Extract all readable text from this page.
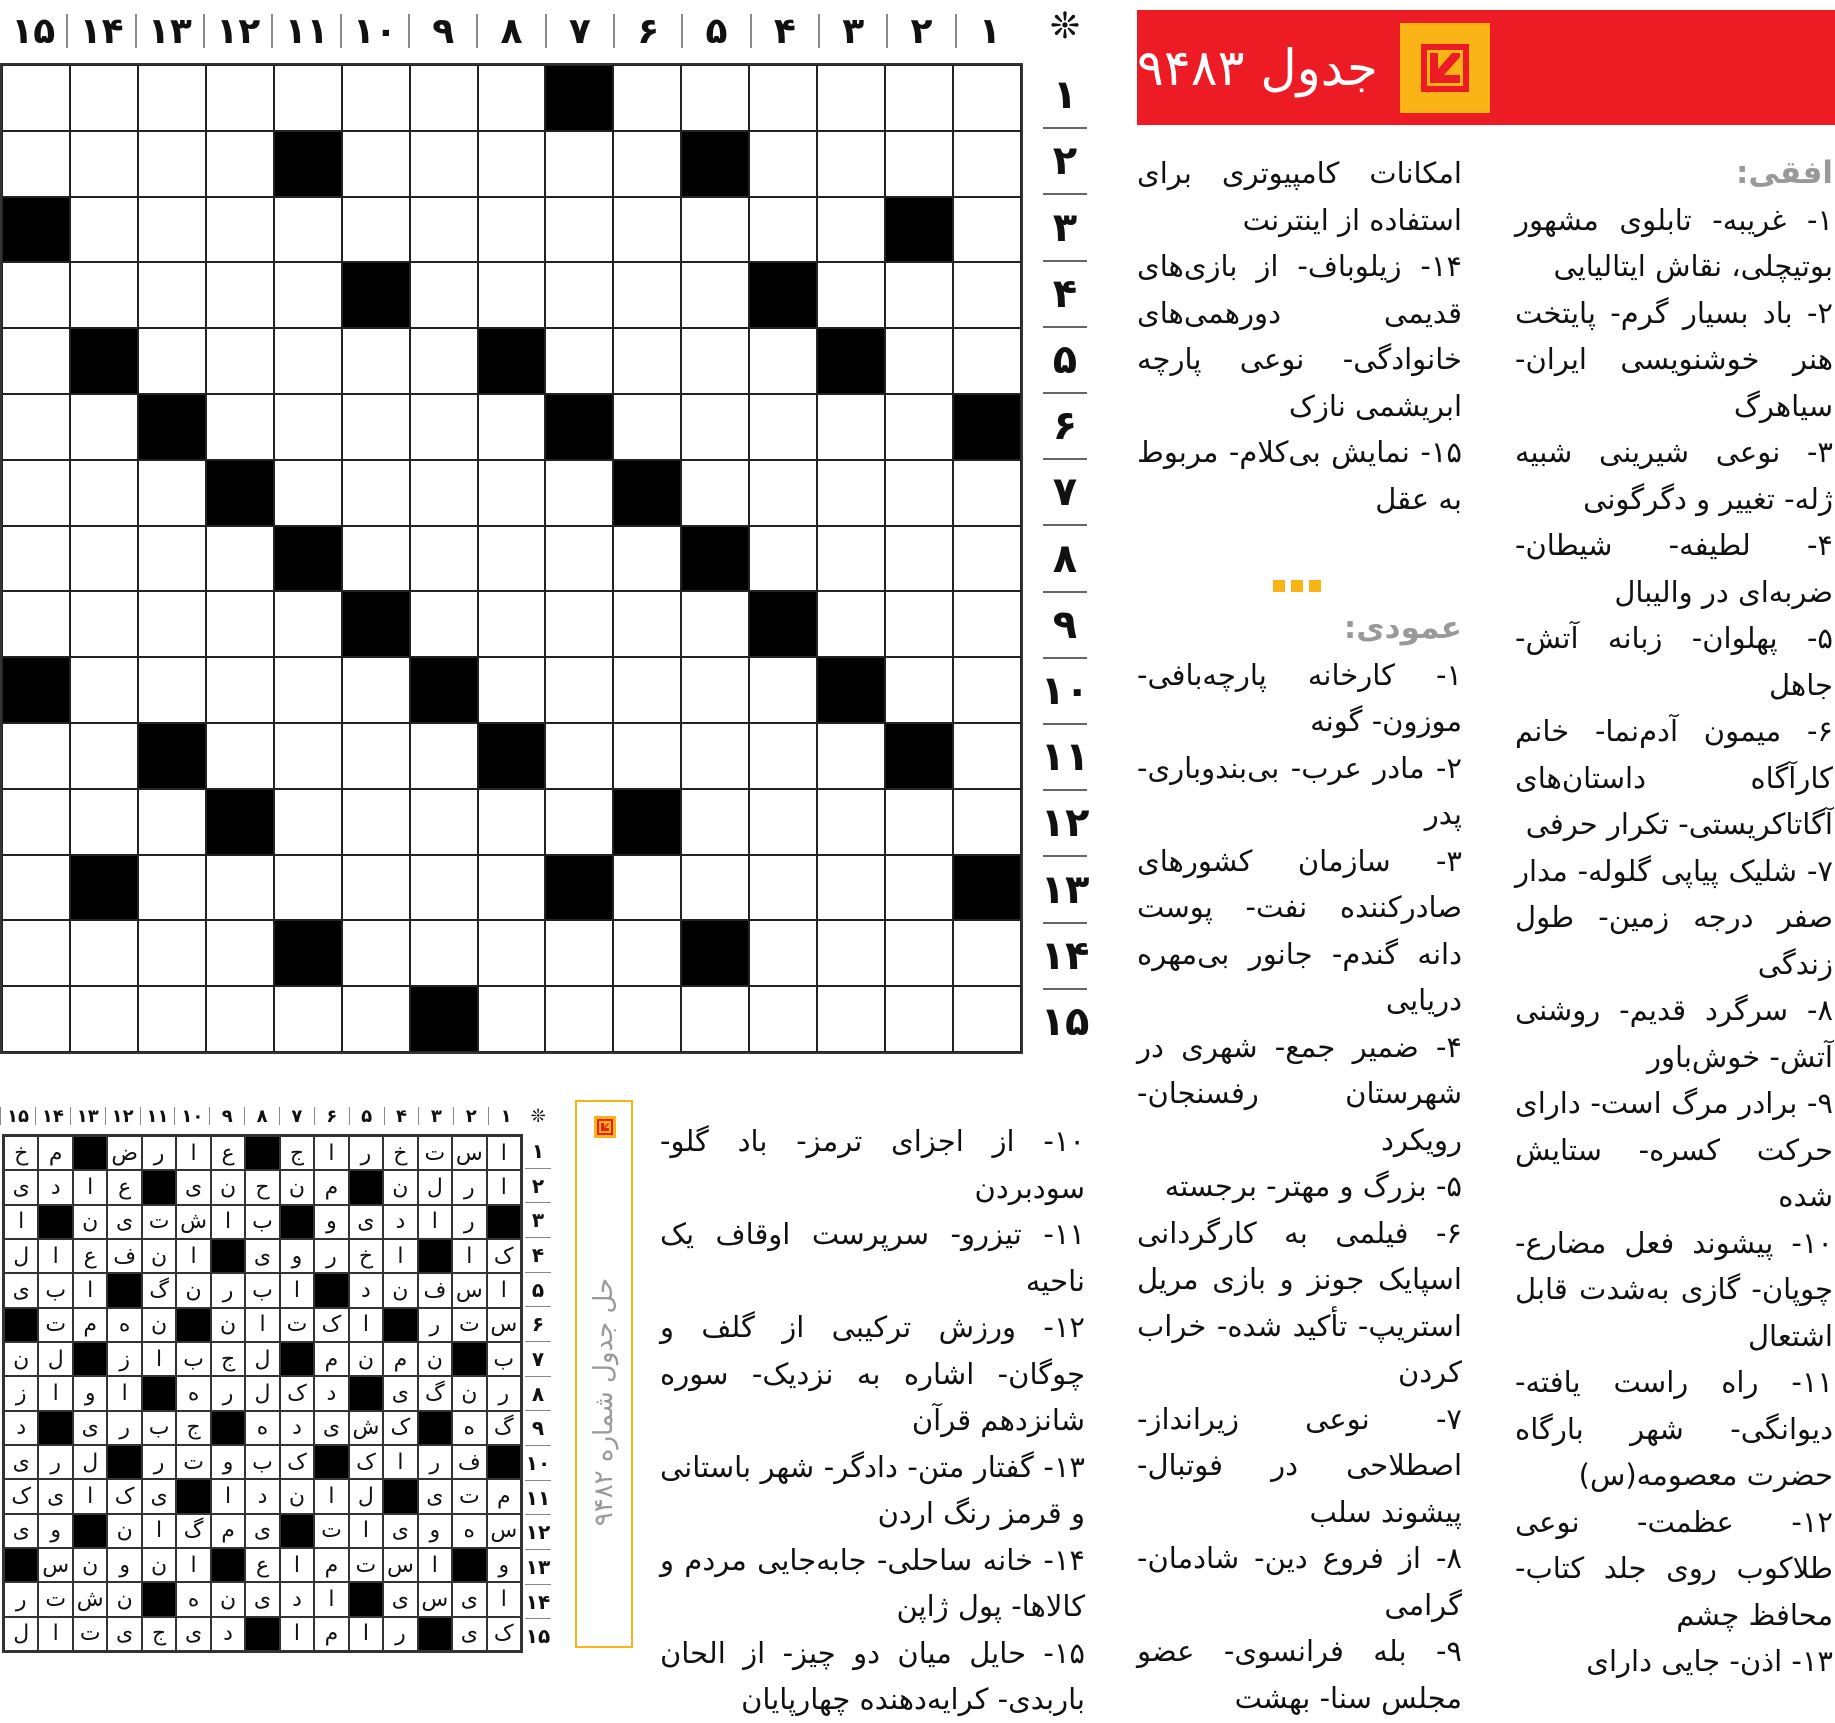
۱
۲
۳
۴
۵
۶
۷
۸
۹
۱۰
۱۱
۱۲
۱۳
۱۴
۱۵	❊
۱
۲
۳
۴
۵
۶
۷
۸
۹
۱۰
۱۱
۱۲
۱۳
۱۴
۱۵
جدول ۹۴۸۳

افقی:

۱- غریبه- تابلوی مشهور بوتیچلی، نقاش ایتالیایی

۲- باد بسیار گرم- پایتخت هنر خوشنویسی ایران- سیاهرگ

۳- نوعی شیرینی شبیه ژله- تغییر و دگرگونی

۴- لطیفه- شیطان- ضربه‌ای در والیبال

۵- پهلوان- زبانه آتش- جاهل

۶- میمون آدم‌نما- خانم کارآگاه داستان‌های آگاتاکریستی- تکرار حرفی

۷- شلیک پیاپی گلوله- مدار صفر درجه زمین- طول زندگی

۸- سرگرد قدیم- روشنی آتش- خوش‌باور

۹- برادر مرگ است- دارای حرکت کسره- ستایش شده

۱۰- پیشوند فعل مضارع- چوپان- گازی به‌شدت قابل اشتعال

۱۱- راه راست یافته- دیوانگی- شهر بارگاه حضرت معصومه(س)

۱۲- عظمت- نوعی طلاکوب روی جلد کتاب- محافظ چشم

۱۳- اذن- جایی دارای

امکانات کامپیوتری برای استفاده از اینترنت

۱۴- زیلوباف- از بازی‌های قدیمی دورهمی‌های خانوادگی- نوعی پارچه ابریشمی نازک

۱۵- نمایش بی‌کلام- مربوط به عقل

عمودی:

۱- کارخانه پارچه‌بافی- موزون- گونه

۲- مادر عرب- بی‌بندوباری- پدر

۳- سازمان کشورهای صادرکننده نفت- پوست دانه گندم- جانور بی‌مهره دریایی

۴- ضمیر جمع- شهری در شهرستان رفسنجان- رویکرد

۵- بزرگ و مهتر- برجسته

۶- فیلمی به کارگردانی اسپایک جونز و بازی مریل استریپ- تأکید شده- خراب کردن

۷- نوعی زیرانداز- اصطلاحی در فوتبال- پیشوند سلب

۸- از فروع دین- شادمان- گرامی

۹- بله فرانسوی- عضو مجلس سنا- بهشت

۱۰- از اجزای ترمز- باد گلو- سودبردن

۱۱- تیزرو- سرپرست اوقاف یک ناحیه

۱۲- ورزش ترکیبی از گلف و چوگان- اشاره به نزدیک- سوره شانزدهم قرآن

۱۳- گفتار متن- دادگر- شهر باستانی و قرمز رنگ اردن

۱۴- خانه ساحلی- جابه‌جایی مردم و کالاها- پول ژاپن

۱۵- حایل میان دو چیز- از الحان باربدی- کرایه‌دهنده چهارپایان

❊
۱
۲
۳
۴
۵
۶
۷
۸
۹
۱۰
۱۱
۱۲
۱۳
۱۴
۱۵
ا
س
ت
خ
ر
ا
ج
ع
ا
ر
ض
م
خ
ا
ر
ل
ن
م
ن
ح
ن
ی
ع
ا
د
ی
ر
ا
د
ی
و
ب
ا
ش
ت
ی
ن
ا
ک
ا
ا
خ
ر
و
ی
ا
ن
ف
ع
ا
ل
ا
س
ف
ن
د
ا
ب
ر
ن
گ
ا
ب
ی
س
ت
ر
ا
ک
ت
ا
ن
ن
ه
م
ت
ب
ن
م
ن
م
ل
ج
ب
ا
ز
ل
ن
ر
ن
گ
ی
د
ک
ل
ر
ه
ا
و
ا
ز
گ
ه
ک
ش
ی
د
ه
ج
ب
ر
ی
د
ف
ر
ا
ک
ک
ب
و
ت
ر
ل
ر
ی
م
ت
ی
ل
ا
ن
د
ا
ی
ک
ا
ی
ک
س
ه
و
ی
ا
ت
ی
م
گ
ا
ن
و
ی
و
ا
س
ت
م
ا
ع
ا
ن
و
ن
س
ا
ی
س
ی
ا
د
ی
ن
ه
ن
ش
ت
ر
ک
ی
ر
ا
م
ا
د
ی
ج
ی
ت
ا
ل
۱
۲
۳
۴
۵
۶
۷
۸
۹
۱۰
۱۱
۱۲
۱۳
۱۴
۱۵
حل جدول شماره ۹۴۸۲
